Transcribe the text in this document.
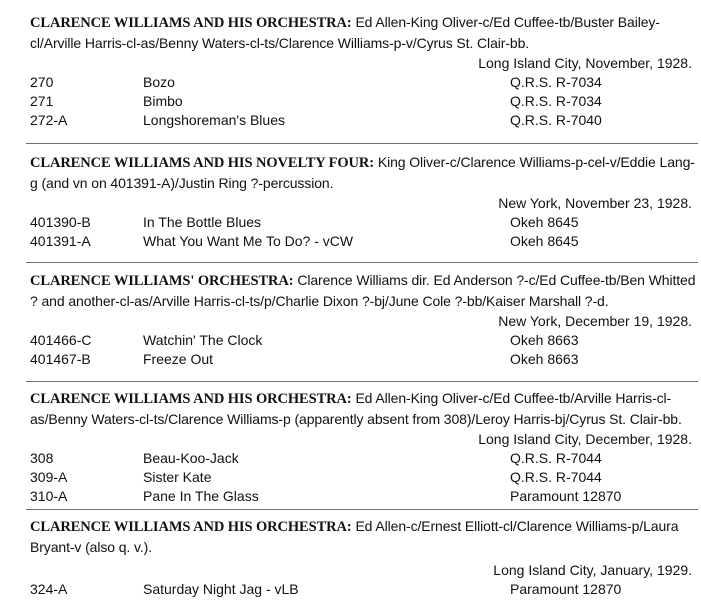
CLARENCE WILLIAMS AND HIS ORCHESTRA: Ed Allen-King Oliver-c/Ed Cuffee-tb/Buster Bailey-cl/Arville Harris-cl-as/Benny Waters-cl-ts/Clarence Williams-p-v/Cyrus St. Clair-bb.
Long Island City, November, 1928.
270	Bozo	Q.R.S. R-7034
271	Bimbo	Q.R.S. R-7034
272-A	Longshoreman's Blues	Q.R.S. R-7040
CLARENCE WILLIAMS AND HIS NOVELTY FOUR: King Oliver-c/Clarence Williams-p-cel-v/Eddie Lang-g (and vn on 401391-A)/Justin Ring ?-percussion.
New York, November 23, 1928.
401390-B	In The Bottle Blues	Okeh 8645
401391-A	What You Want Me To Do? - vCW	Okeh 8645
CLARENCE WILLIAMS' ORCHESTRA: Clarence Williams dir. Ed Anderson ?-c/Ed Cuffee-tb/Ben Whitted ? and another-cl-as/Arville Harris-cl-ts/p/Charlie Dixon ?-bj/June Cole ?-bb/Kaiser Marshall ?-d.
New York, December 19, 1928.
401466-C	Watchin' The Clock	Okeh 8663
401467-B	Freeze Out	Okeh 8663
CLARENCE WILLIAMS AND HIS ORCHESTRA: Ed Allen-King Oliver-c/Ed Cuffee-tb/Arville Harris-cl-as/Benny Waters-cl-ts/Clarence Williams-p (apparently absent from 308)/Leroy Harris-bj/Cyrus St. Clair-bb.
Long Island City, December, 1928.
308	Beau-Koo-Jack	Q.R.S. R-7044
309-A	Sister Kate	Q.R.S. R-7044
310-A	Pane In The Glass	Paramount 12870
CLARENCE WILLIAMS AND HIS ORCHESTRA: Ed Allen-c/Ernest Elliott-cl/Clarence Williams-p/Laura Bryant-v (also q. v.).
Long Island City, January, 1929.
324-A	Saturday Night Jag - vLB	Paramount 12870
